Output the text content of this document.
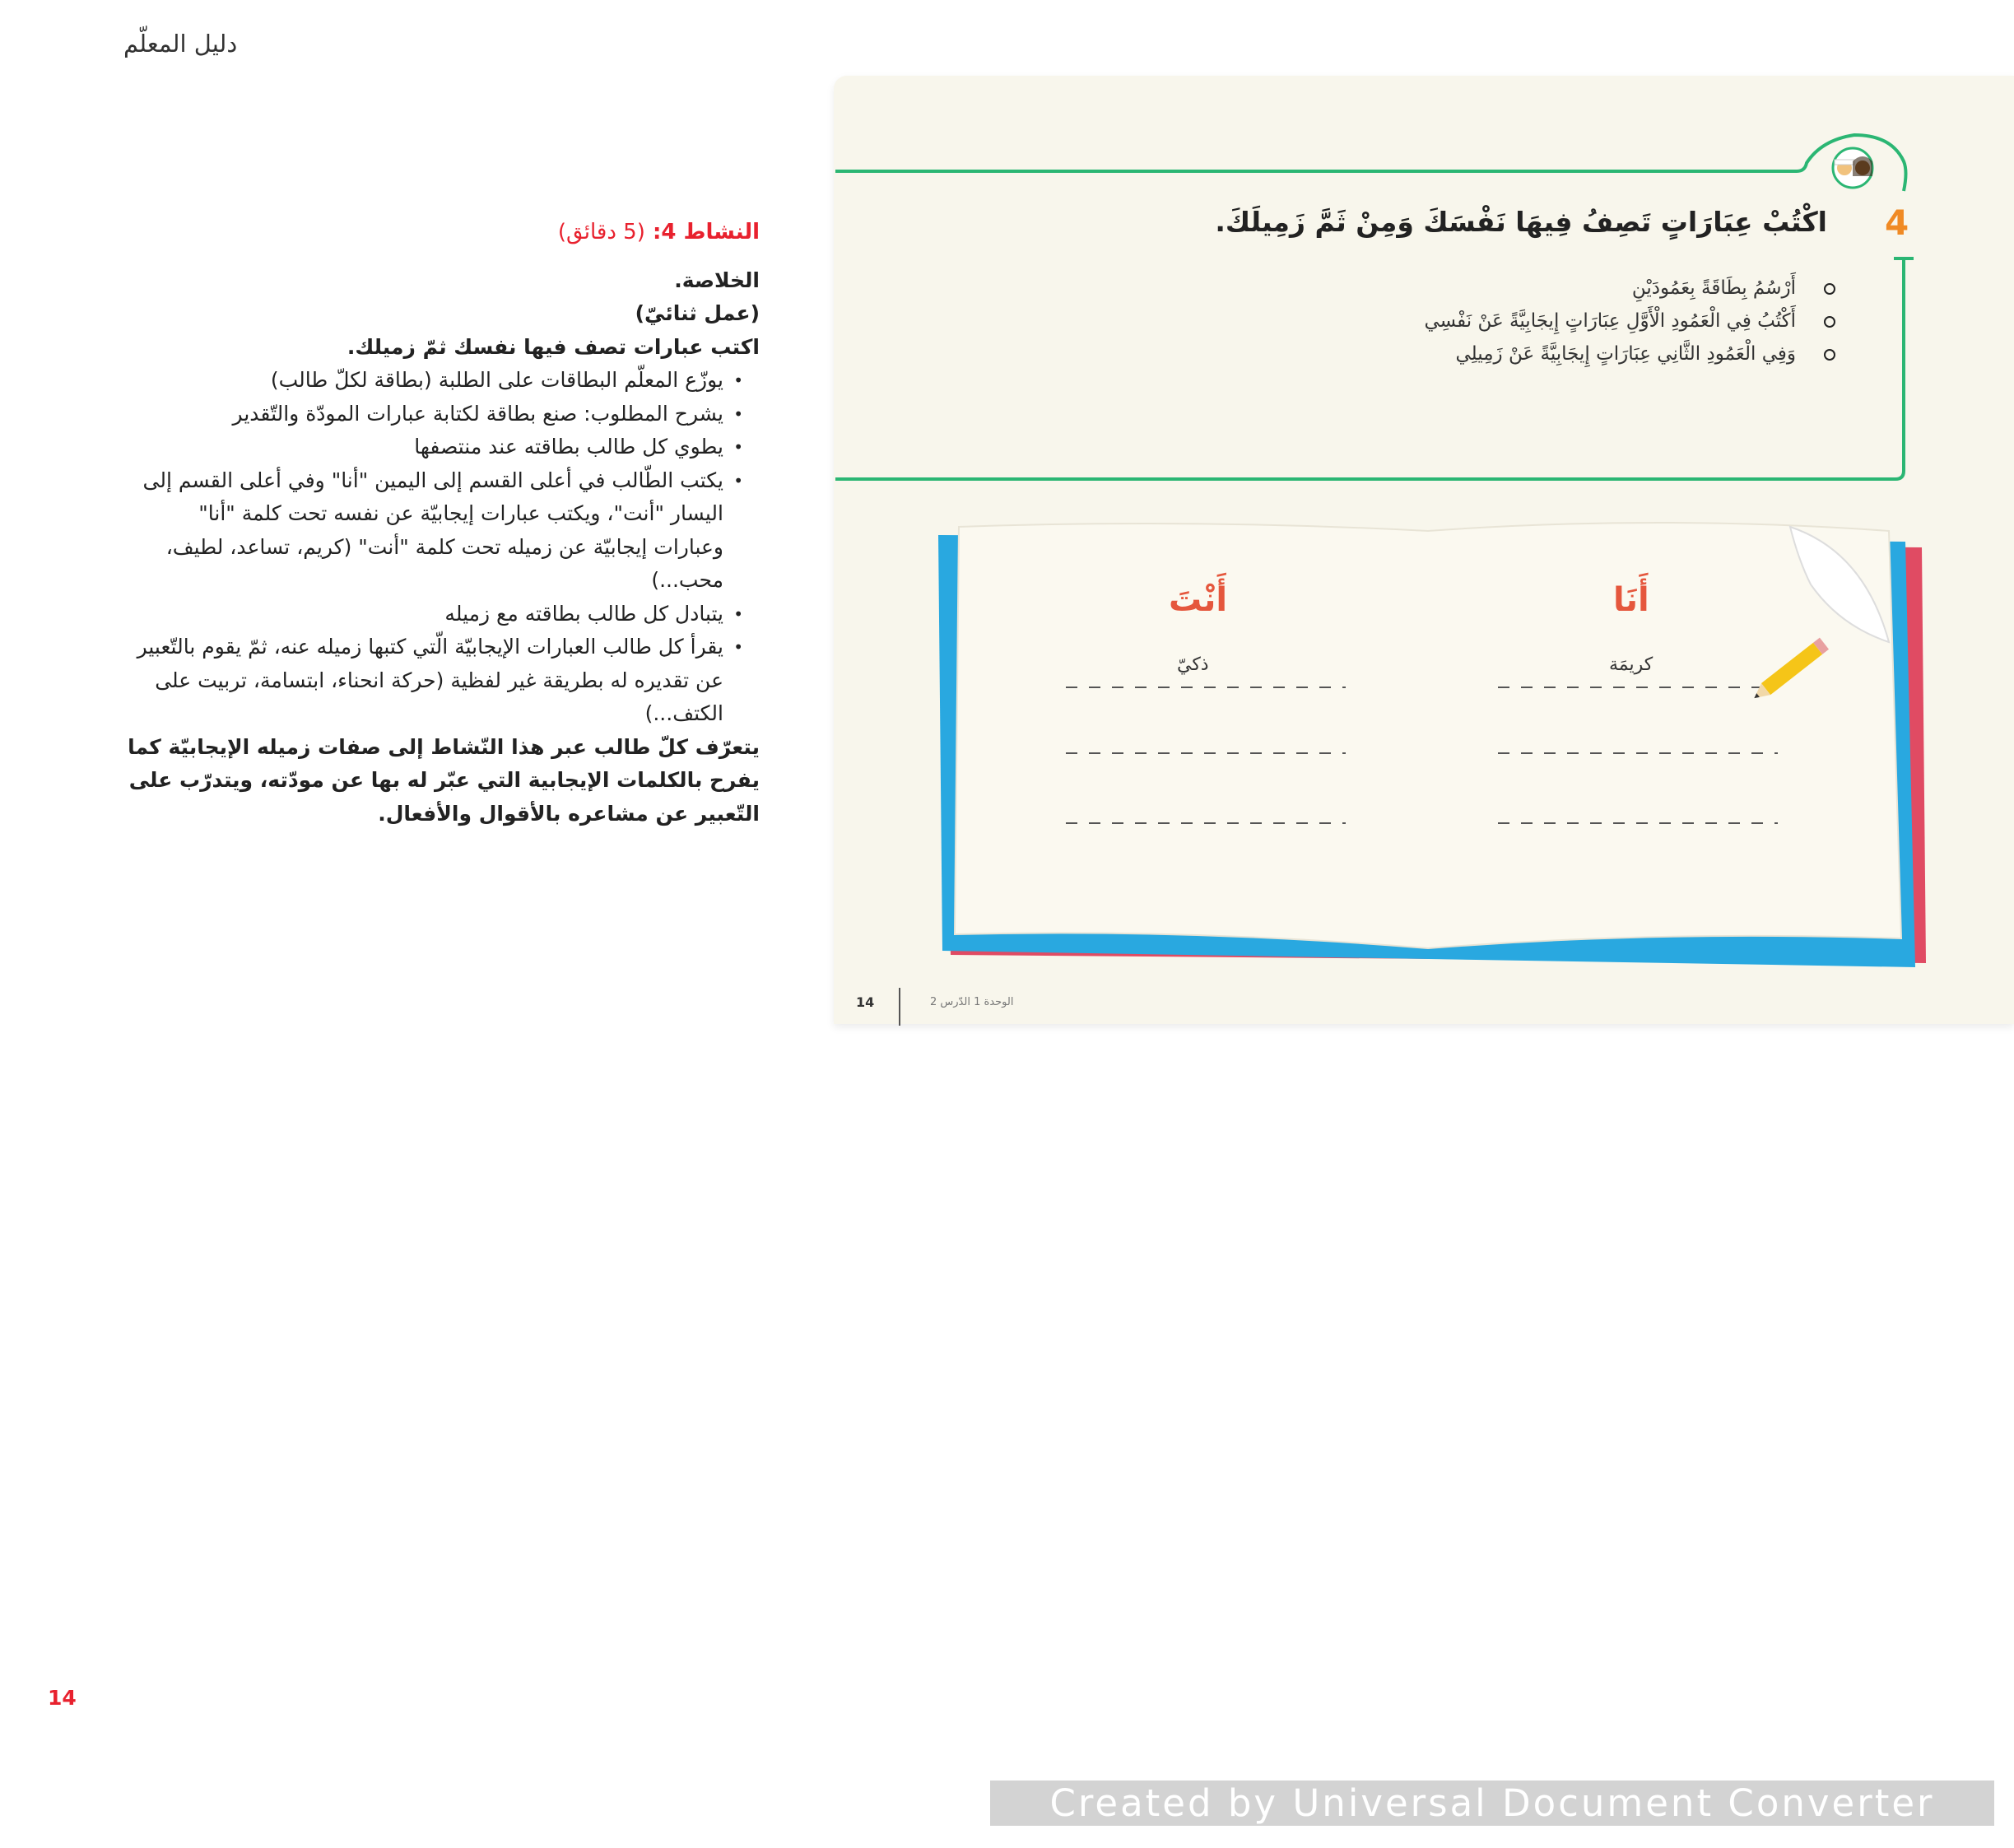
دليل المعلّم
النشاط 4: (5 دقائق)
الخلاصة.
(عمل ثنائيّ)
اكتب عبارات تصف فيها نفسك ثمّ زميلك.
• يوزّع المعلّم البطاقات على الطلبة (بطاقة لكلّ طالب)
• يشرح المطلوب: صنع بطاقة لكتابة عبارات المودّة والتّقدير
• يطوي كل طالب بطاقته عند منتصفها
• يكتب الطّالب في أعلى القسم إلى اليمين "أنا" وفي أعلى القسم إلى اليسار "أنت"، ويكتب عبارات إيجابيّة عن نفسه تحت كلمة "أنا" وعبارات إيجابيّة عن زميله تحت كلمة "أنت" (كريم، تساعد، لطيف، محب...)
• يتبادل كل طالب بطاقته مع زميله
• يقرأ كل طالب العبارات الإيجابيّة الّتي كتبها زميله عنه، ثمّ يقوم بالتّعبير عن تقديره له بطريقة غير لفظية (حركة انحناء، ابتسامة، تربيت على الكتف...)
يتعرّف كلّ طالب عبر هذا النّشاط إلى صفات زميله الإيجابيّة كما يفرح بالكلمات الإيجابية التي عبّر له بها عن مودّته، ويتدرّب على التّعبير عن مشاعره بالأقوال والأفعال.
14
4
اكْتُبْ عِبَارَاتٍ تَصِفُ فِيهَا نَفْسَكَ وَمِنْ ثَمَّ زَمِيلَكَ.
أَرْسُمُ بِطَاقَةً بِعَمُودَيْنِ
أَكْتُبُ فِي الْعَمُودِ الْأَوَّلِ عِبَارَاتٍ إِيجَابِيَّةً عَنْ نَفْسِي
وَفِي الْعَمُودِ الثَّانِي عِبَارَاتٍ إِيجَابِيَّةً عَنْ زَمِيلِي
أَنَا
أَنْتَ
كريمَة
ذكيّ
14	الوحدة 1 الدّرس 2
Created by Universal Document Converter
